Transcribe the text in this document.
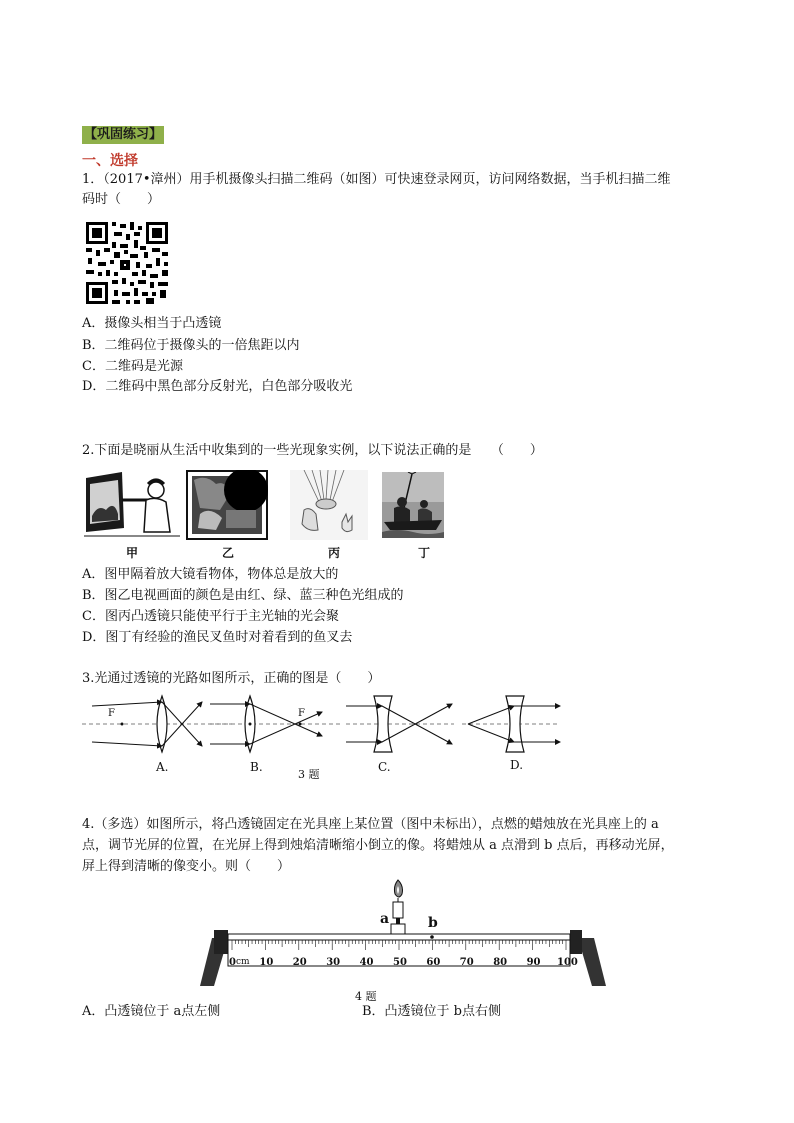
【巩固练习】
一、选择
1．（2017•漳州）用手机摄像头扫描二维码（如图）可快速登录网页，访问网络数据，当手机扫描二维
码时（　　）
A．摄像头相当于凸透镜
B．二维码位于摄像头的一倍焦距以内
C．二维码是光源
D．二维码中黑色部分反射光，白色部分吸收光
2.下面是晓丽从生活中收集到的一些光现象实例，以下说法正确的是　　（　　）
甲	乙	丙	丁
A．图甲隔着放大镜看物体，物体总是放大的
B．图乙电视画面的颜色是由红、绿、蓝三种色光组成的
C．图丙凸透镜只能使平行于主光轴的光会聚
D．图丁有经验的渔民叉鱼时对着看到的鱼叉去
3.光通过透镜的光路如图所示，正确的图是（　　）
F	F
A.	B.	C.	D.
3 题
4.（多选）如图所示，将凸透镜固定在光具座上某位置（图中未标出），点燃的蜡烛放在光具座上的 a
点，调节光屏的位置，在光屏上得到烛焰清晰缩小倒立的像。将蜡烛从 a 点滑到 b 点后，再移动光屏，
屏上得到清晰的像变小。则（　　）
a	b
cm
0 10 20 30 40 50 60 70 80 90 100
4 题
A．凸透镜位于 a点左侧	B．凸透镜位于 b点右侧
